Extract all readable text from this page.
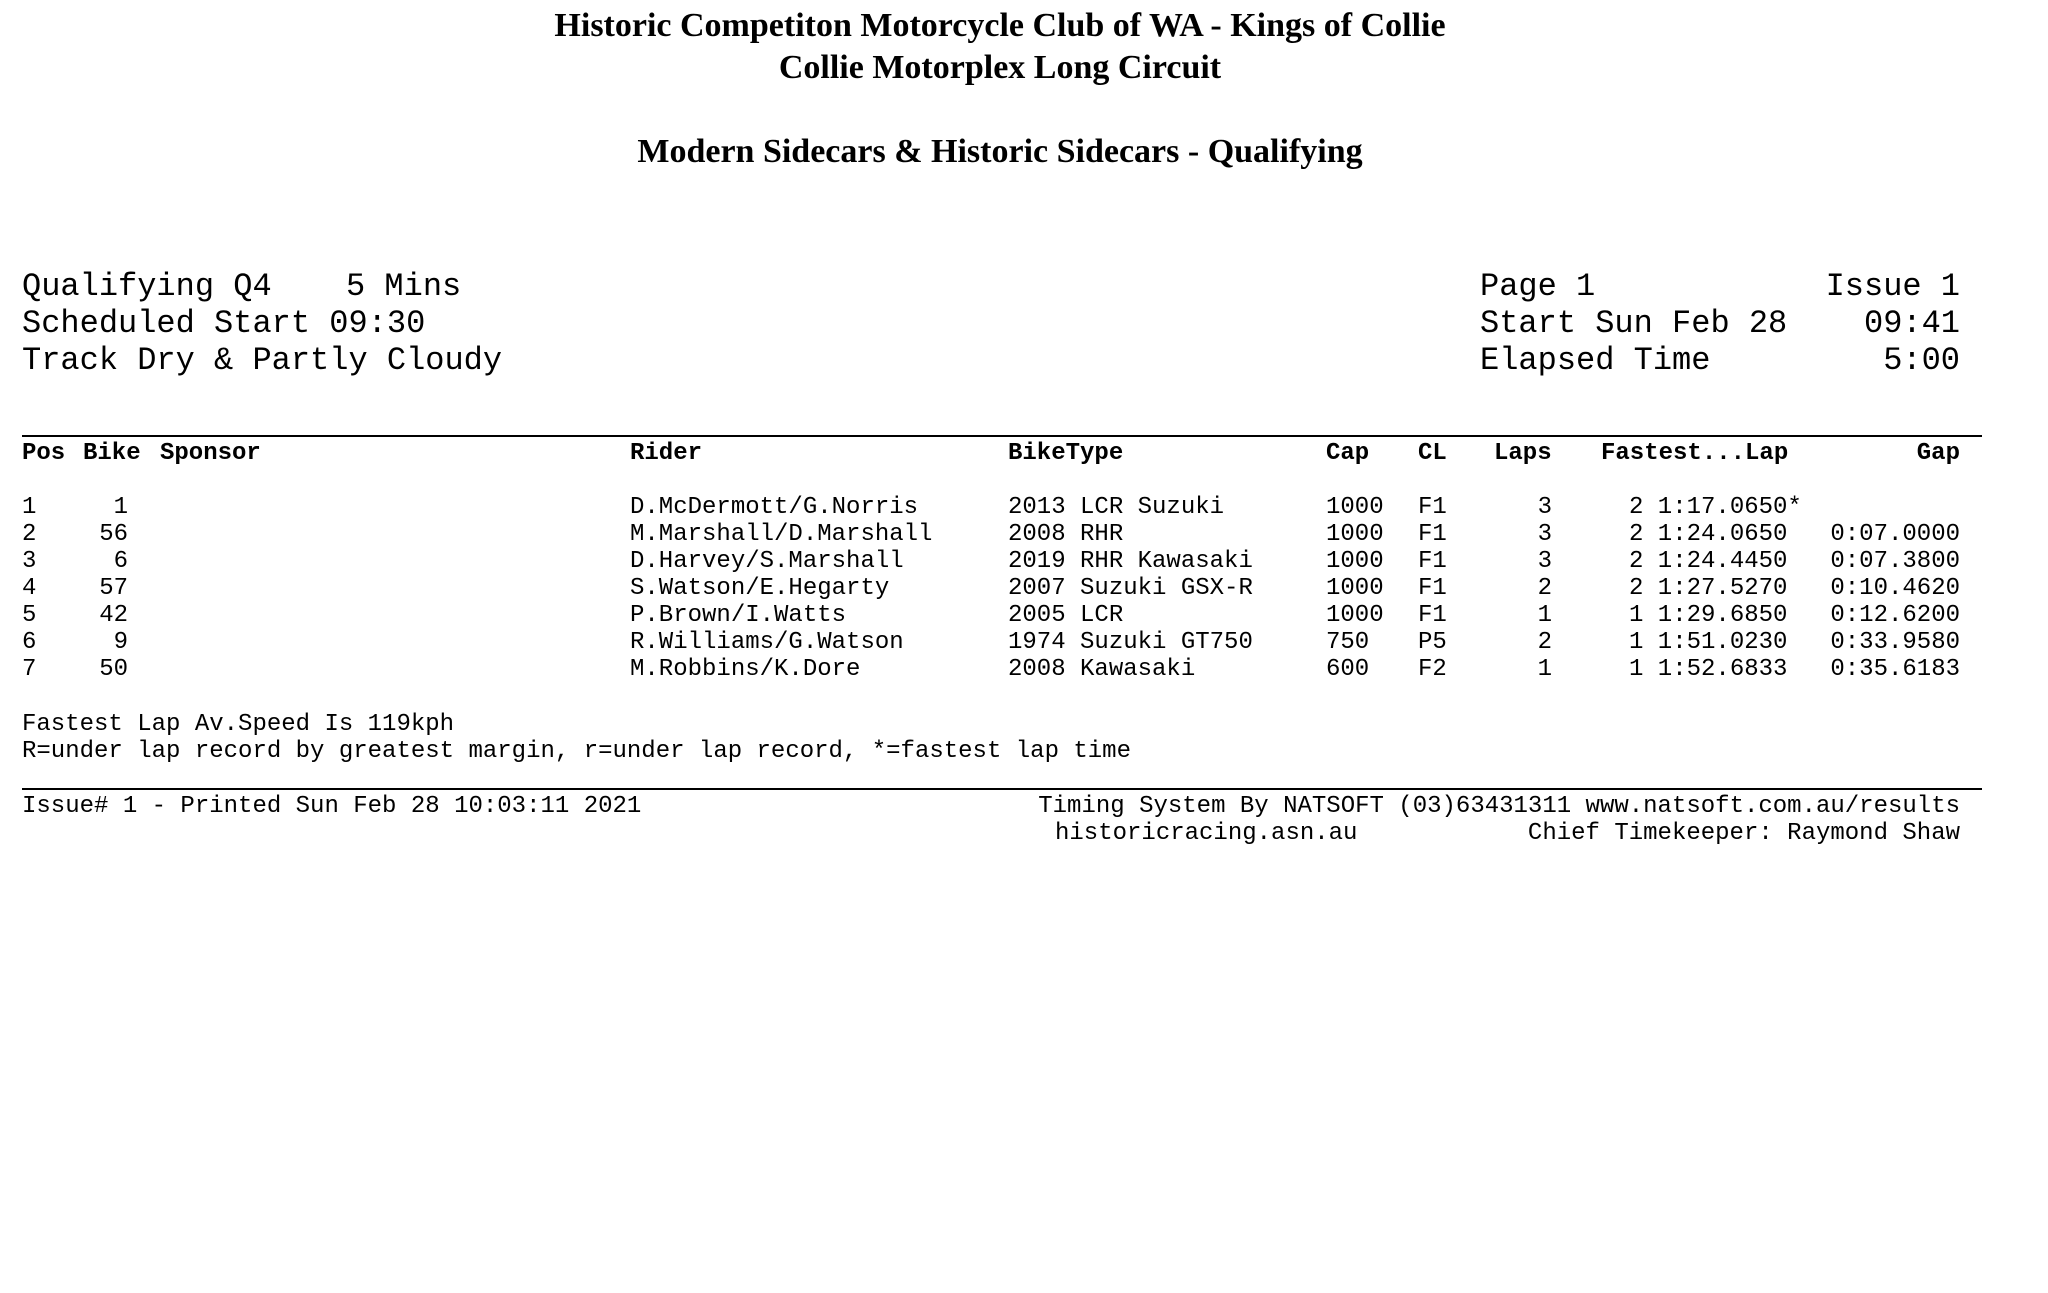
Historic Competiton Motorcycle Club of WA - Kings of Collie
Collie Motorplex Long Circuit
Modern Sidecars & Historic Sidecars - Qualifying
Qualifying Q4 5 Mins
Scheduled Start 09:30
Track Dry & Partly Cloudy
Page 1	Issue 1
Start Sun Feb 28	09:41
Elapsed Time	5:00
Pos Bike Sponsor	Rider	BikeType	Cap CL Laps Fastest...Lap	Gap
1	1	D.McDermott/G.Norris	2013 LCR Suzuki	1000 F1	3	2 1:17.0650*
2	56	M.Marshall/D.Marshall	2008 RHR	1000 F1	3	2 1:24.0650	0:07.0000
3	6	D.Harvey/S.Marshall	2019 RHR Kawasaki	1000 F1	3	2 1:24.4450	0:07.3800
4	57	S.Watson/E.Hegarty	2007 Suzuki GSX-R	1000 F1	2	2 1:27.5270	0:10.4620
5	42	P.Brown/I.Watts	2005 LCR	1000 F1	1	1 1:29.6850	0:12.6200
6	9	R.Williams/G.Watson	1974 Suzuki GT750	750 P5	2	1 1:51.0230	0:33.9580
7	50	M.Robbins/K.Dore	2008 Kawasaki	600 F2	1	1 1:52.6833	0:35.6183
Fastest Lap Av.Speed Is 119kph
R=under lap record by greatest margin, r=under lap record, *=fastest lap time
Issue# 1 - Printed Sun Feb 28 10:03:11 2021	Timing System By NATSOFT (03)63431311 www.natsoft.com.au/results
historicracing.asn.au	Chief Timekeeper: Raymond Shaw
